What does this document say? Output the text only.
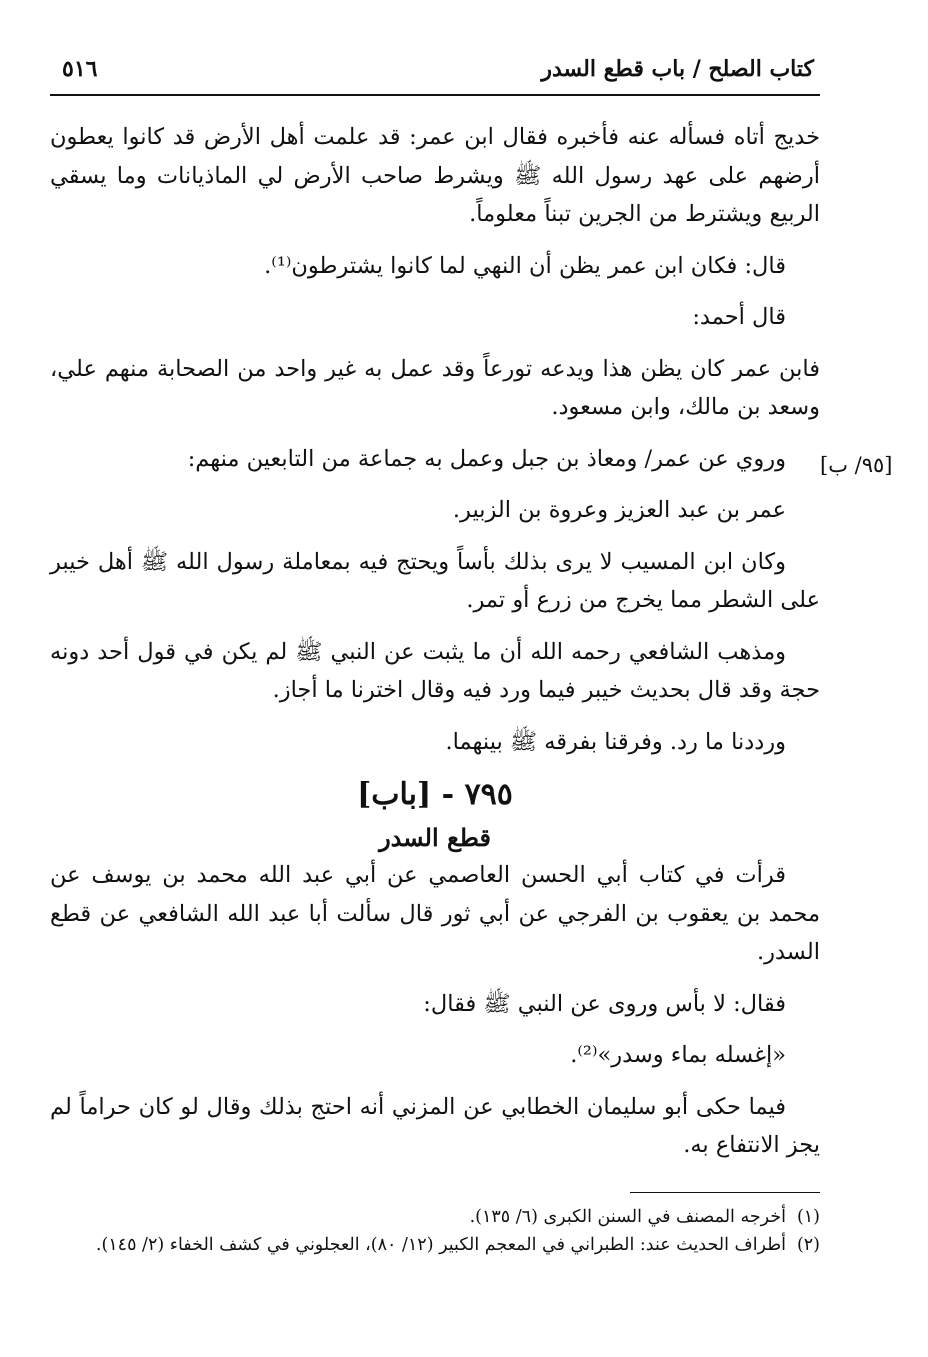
كتاب الصلح / باب قطع السدر
٥١٦

خديج أتاه فسأله عنه فأخبره فقال ابن عمر: قد علمت أهل الأرض قد كانوا يعطون أرضهم على عهد رسول الله ﷺ ويشرط صاحب الأرض لي الماذيانات وما يسقي الربيع ويشترط من الجرين تبناً معلوماً.

قال: فكان ابن عمر يظن أن النهي لما كانوا يشترطون⁽¹⁾.

قال أحمد:

فابن عمر كان يظن هذا ويدعه تورعاً وقد عمل به غير واحد من الصحابة منهم علي، وسعد بن مالك، وابن مسعود.

وروي عن عمر/ ومعاذ بن جبل وعمل به جماعة من التابعين منهم:

عمر بن عبد العزيز وعروة بن الزبير.

وكان ابن المسيب لا يرى بذلك بأساً ويحتج فيه بمعاملة رسول الله ﷺ أهل خيبر على الشطر مما يخرج من زرع أو تمر.

ومذهب الشافعي رحمه الله أن ما يثبت عن النبي ﷺ لم يكن في قول أحد دونه حجة وقد قال بحديث خيبر فيما ورد فيه وقال اخترنا ما أجاز.

ورددنا ما رد. وفرقنا بفرقه ﷺ بينهما.

٧٩٥ - [باب]
قطع السدر

قرأت في كتاب أبي الحسن العاصمي عن أبي عبد الله محمد بن يوسف عن محمد بن يعقوب بن الفرجي عن أبي ثور قال سألت أبا عبد الله الشافعي عن قطع السدر.

فقال: لا بأس وروى عن النبي ﷺ فقال:

«إغسله بماء وسدر»⁽²⁾.

فيما حكى أبو سليمان الخطابي عن المزني أنه احتج بذلك وقال لو كان حراماً لم يجز الانتفاع به.

(١)
أخرجه المصنف في السنن الكبرى (٦/ ١٣٥).

(٢)
أطراف الحديث عند: الطبراني في المعجم الكبير (١٢/ ٨٠)، العجلوني في كشف الخفاء (٢/ ١٤٥).

[٩٥/ ب]
